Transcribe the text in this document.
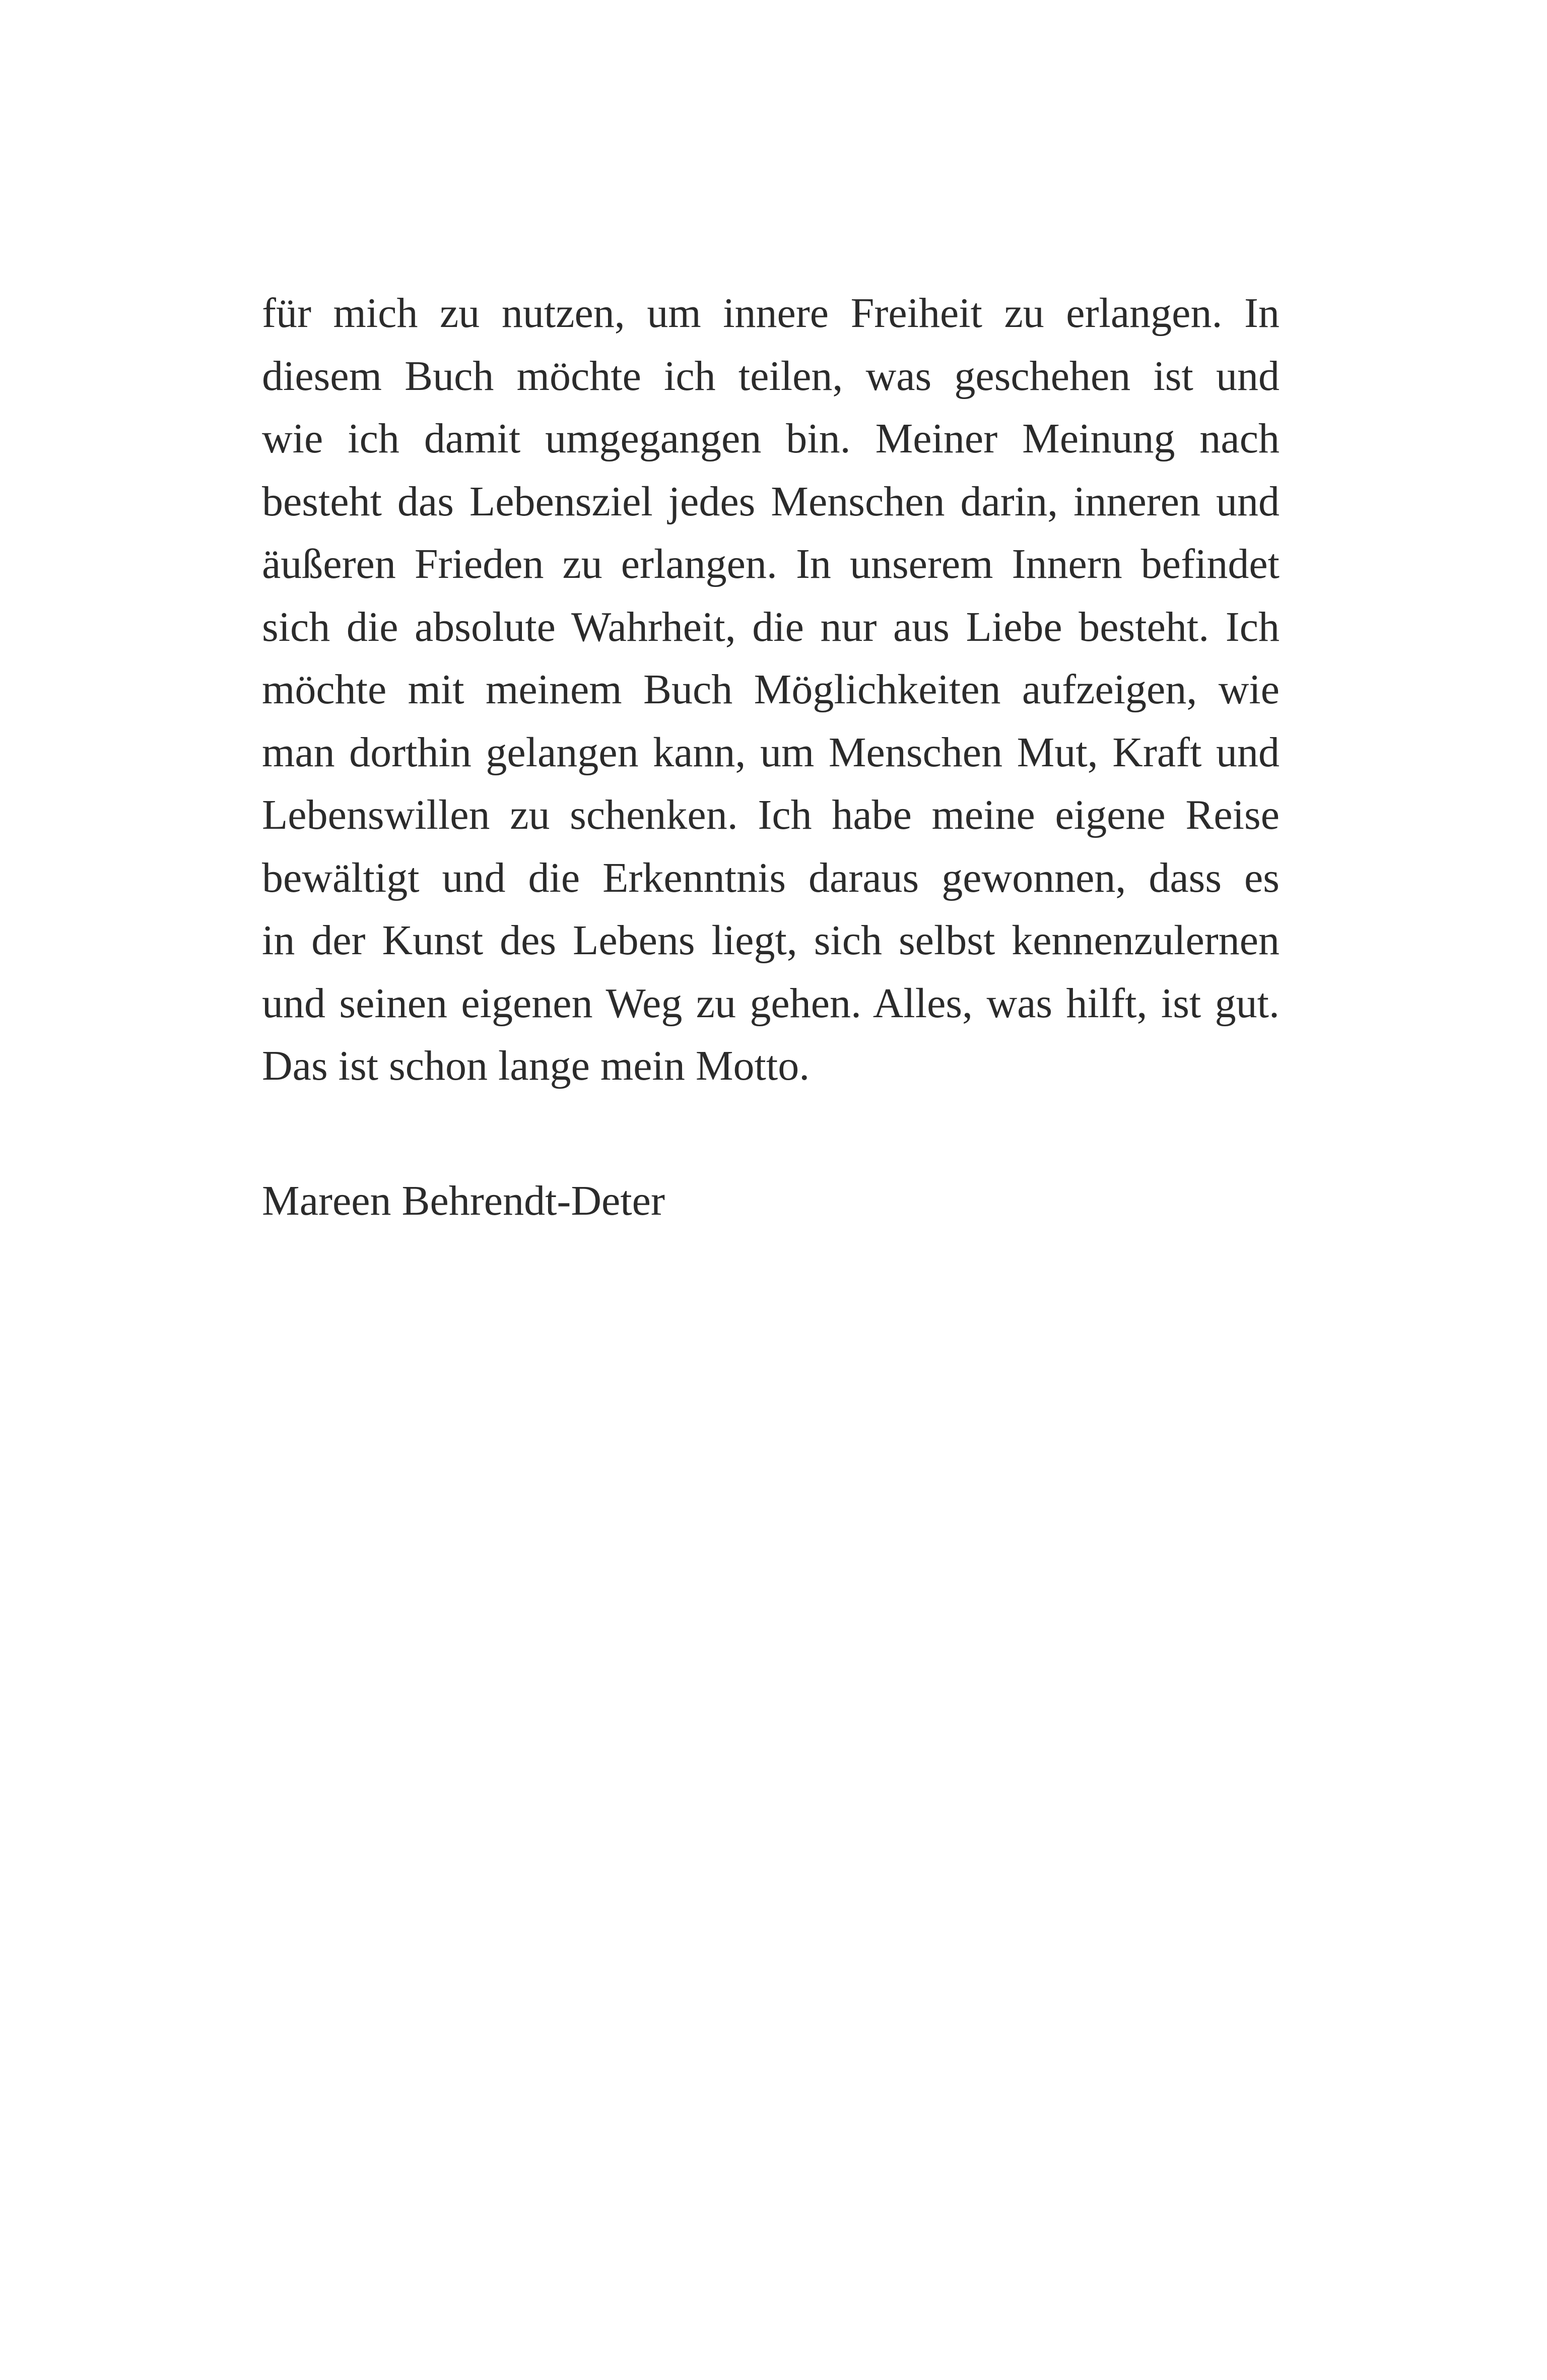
für mich zu nutzen, um innere Freiheit zu erlangen. In
diesem Buch möchte ich teilen, was geschehen ist und
wie ich damit umgegangen bin. Meiner Meinung nach
besteht das Lebensziel jedes Menschen darin, inneren und
äußeren Frieden zu erlangen. In unserem Innern befindet
sich die absolute Wahrheit, die nur aus Liebe besteht. Ich
möchte mit meinem Buch Möglichkeiten aufzeigen, wie
man dorthin gelangen kann, um Menschen Mut, Kraft und
Lebenswillen zu schenken. Ich habe meine eigene Reise
bewältigt und die Erkenntnis daraus gewonnen, dass es
in der Kunst des Lebens liegt, sich selbst kennenzulernen
und seinen eigenen Weg zu gehen. Alles, was hilft, ist gut.
Das ist schon lange mein Motto.
Mareen Behrendt-Deter
